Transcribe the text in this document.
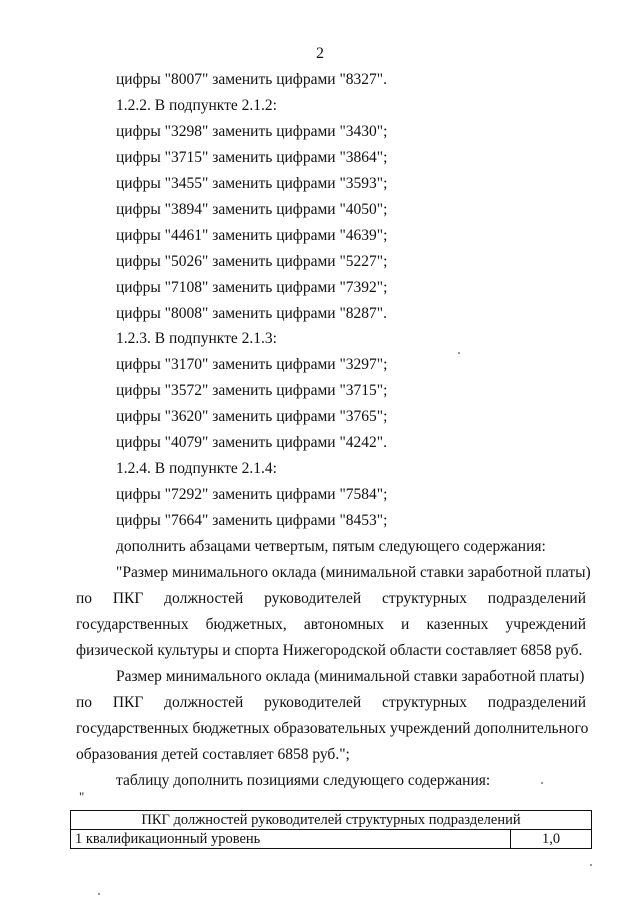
2
цифры "8007" заменить цифрами "8327".
1.2.2. В подпункте 2.1.2:
цифры "3298" заменить цифрами "3430";
цифры "3715" заменить цифрами "3864";
цифры "3455" заменить цифрами "3593";
цифры "3894" заменить цифрами "4050";
цифры "4461" заменить цифрами "4639";
цифры "5026" заменить цифрами "5227";
цифры "7108" заменить цифрами "7392";
цифры "8008" заменить цифрами "8287".
1.2.3. В подпункте 2.1.3:
цифры "3170" заменить цифрами "3297";
цифры "3572" заменить цифрами "3715";
цифры "3620" заменить цифрами "3765";
цифры "4079" заменить цифрами "4242".
1.2.4. В подпункте 2.1.4:
цифры "7292" заменить цифрами "7584";
цифры "7664" заменить цифрами "8453";
дополнить абзацами четвертым, пятым следующего содержания:
"Размер минимального оклада (минимальной ставки заработной платы)
по ПКГ должностей руководителей структурных подразделений
государственных бюджетных, автономных и казенных учреждений
физической культуры и спорта Нижегородской области составляет 6858 руб.
Размер минимального оклада (минимальной ставки заработной платы)
по ПКГ должностей руководителей структурных подразделений
государственных бюджетных образовательных учреждений дополнительного
образования детей составляет 6858 руб.";
таблицу дополнить позициями следующего содержания:
"
ПКГ должностей руководителей структурных подразделений
1 квалификационный уровень	1,0
